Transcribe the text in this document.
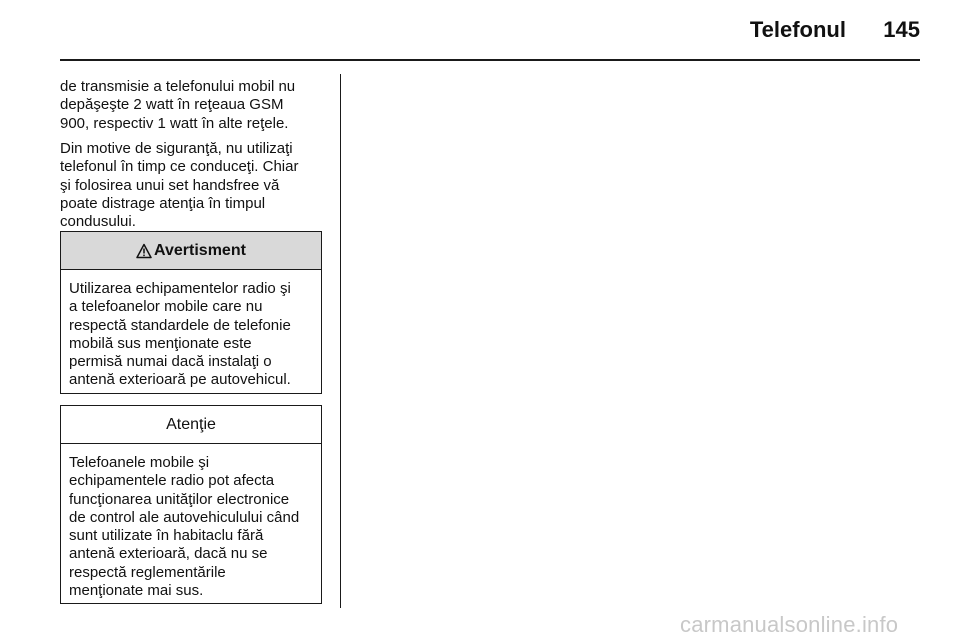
Telefonul	145

de transmisie a telefonului mobil nu
depăşeşte 2 watt în reţeaua GSM
900, respectiv 1 watt în alte reţele.

Din motive de siguranţă, nu utilizaţi
telefonul în timp ce conduceţi. Chiar
şi folosirea unui set handsfree vă
poate distrage atenţia în timpul
condusului.

Avertisment
Utilizarea echipamentelor radio şi
a telefoanelor mobile care nu
respectă standardele de telefonie
mobilă sus menţionate este
permisă numai dacă instalaţi o
antenă exterioară pe autovehicul.
Atenţie
Telefoanele mobile şi
echipamentele radio pot afecta
funcţionarea unităţilor electronice
de control ale autovehiculului când
sunt utilizate în habitaclu fără
antenă exterioară, dacă nu se
respectă reglementările
menţionate mai sus.
carmanualsonline.info
